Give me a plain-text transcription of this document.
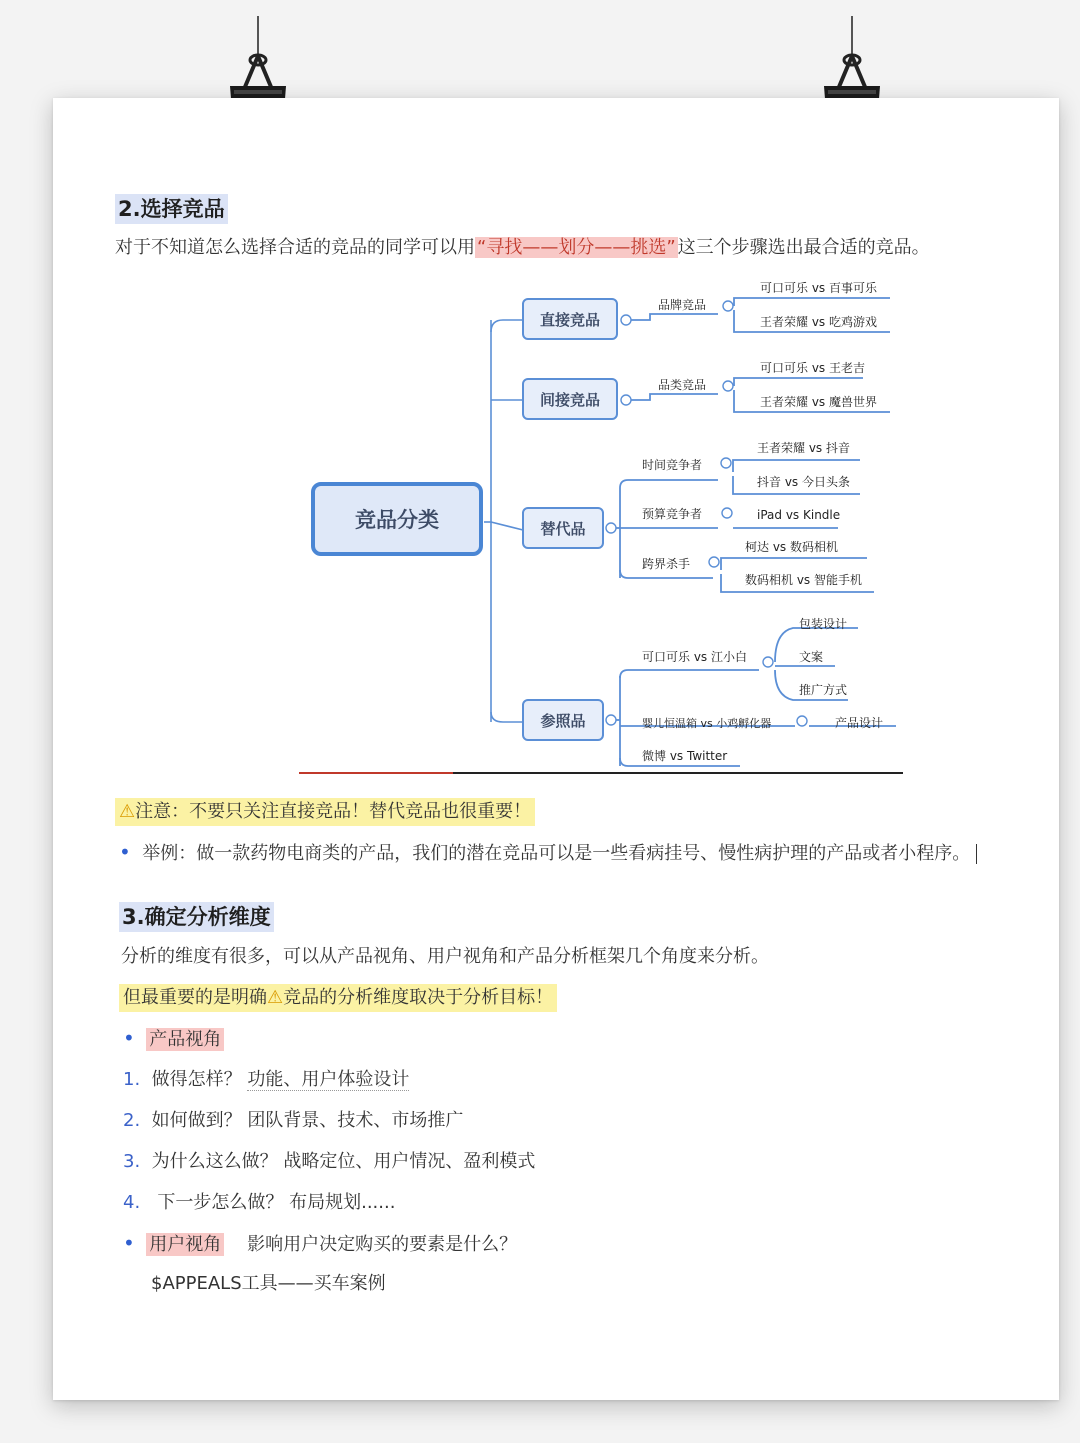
2.选择竞品
对于不知道怎么选择合适的竞品的同学可以用 “寻找——划分——挑选” 这三个步骤选出最合适的竞品。
竞品分类
直接竞品
品牌竞品
可口可乐 vs 百事可乐
王者荣耀 vs 吃鸡游戏
间接竞品
品类竞品
可口可乐 vs 王老吉
王者荣耀 vs 魔兽世界
替代品
时间竞争者
预算竞争者
跨界杀手
王者荣耀 vs 抖音
抖音 vs 今日头条
iPad vs Kindle
柯达 vs 数码相机
数码相机 vs 智能手机
参照品
可口可乐 vs 江小白
婴儿恒温箱 vs 小鸡孵化器
微博 vs Twitter
包装设计
文案
推广方式
产品设计
⚠注意：不要只关注直接竞品！替代竞品也很重要！
• 举例：做一款药物电商类的产品，我们的潜在竞品可以是一些看病挂号、慢性病护理的产品或者小程序。
3.确定分析维度
分析的维度有很多，可以从产品视角、用户视角和产品分析框架几个角度来分析。
但最重要的是明确⚠竞品的分析维度取决于分析目标！
• 产品视角
1. 做得怎样？ 功能、用户体验设计
2. 如何做到？ 团队背景、技术、市场推广
3. 为什么这么做？ 战略定位、用户情况、盈利模式
4. 下一步怎么做？ 布局规划......
• 用户视角 影响用户决定购买的要素是什么？
$APPEALS工具——买车案例
